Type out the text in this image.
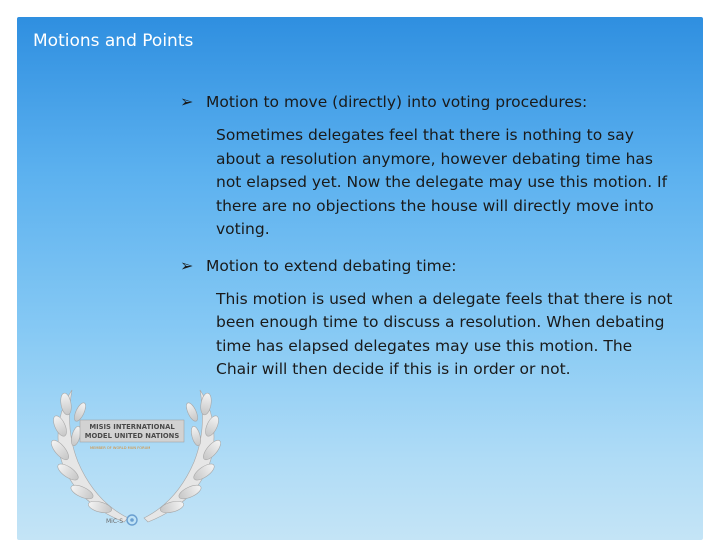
Motions and Points
MISIS INTERNATIONAL
MODEL UNITED NATIONS
MEMBER OF WORLD MUN FORUM
MiC-S
➢ Motion to move (directly) into voting procedures:

Sometimes delegates feel that there is nothing to say about a resolution anymore, however debating time has not elapsed yet. Now the delegate may use this motion. If there are no objections the house will directly move into voting.

➢ Motion to extend debating time:

This motion is used when a delegate feels that there is not been enough time to discuss a resolution. When debating time has elapsed delegates may use this motion. The Chair will then decide if this is in order or not.
